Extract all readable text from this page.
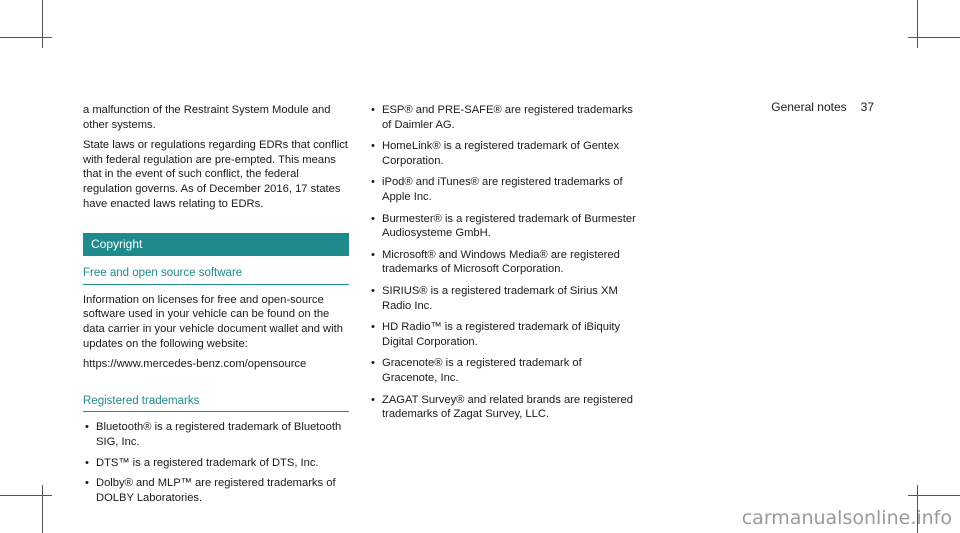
General notes 37

a malfunction of the Restraint System Module and other systems.

State laws or regulations regarding EDRs that conflict with federal regulation are pre-empted. This means that in the event of such conflict, the federal regulation governs. As of December 2016, 17 states have enacted laws relating to EDRs.

Copyright
Free and open source software

Information on licenses for free and open-source software used in your vehicle can be found on the data carrier in your vehicle document wallet and with updates on the following website:

https://www.mercedes-benz.com/opensource

Registered trademarks
• Bluetooth® is a registered trademark of Bluetooth SIG, Inc.
• DTS™ is a registered trademark of DTS, Inc.
• Dolby® and MLP™ are registered trademarks of DOLBY Laboratories.
• ESP® and PRE-SAFE® are registered trademarks of Daimler AG.
• HomeLink® is a registered trademark of Gentex Corporation.
• iPod® and iTunes® are registered trademarks of Apple Inc.
• Burmester® is a registered trademark of Burmester Audiosysteme GmbH.
• Microsoft® and Windows Media® are registered trademarks of Microsoft Corporation.
• SIRIUS® is a registered trademark of Sirius XM Radio Inc.
• HD Radio™ is a registered trademark of iBiquity Digital Corporation.
• Gracenote® is a registered trademark of Gracenote, Inc.
• ZAGAT Survey® and related brands are registered trademarks of Zagat Survey, LLC.
carmanualsonline.info
